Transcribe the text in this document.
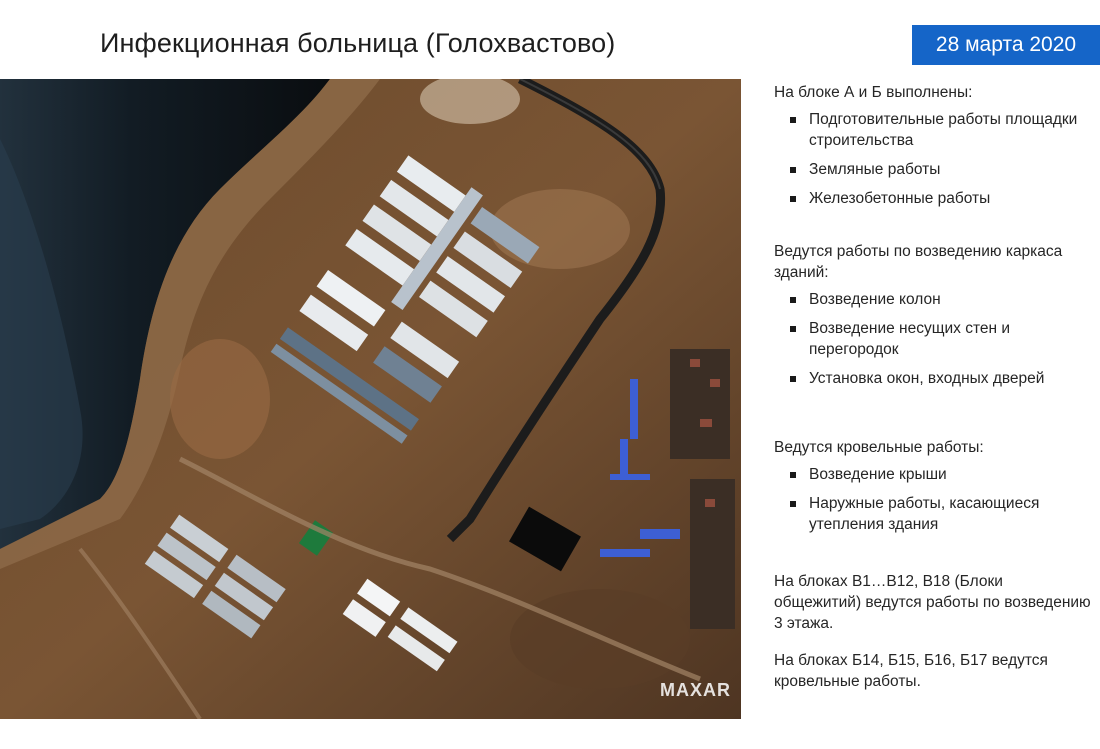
Инфекционная больница (Голохвастово)	28 марта 2020
MAXAR

На блоке А и Б выполнены:

Подготовительные работы площадки строительства
Земляные работы
Железобетонные работы

Ведутся работы по возведению каркаса зданий:

Возведение колон
Возведение несущих стен и перегородок
Установка окон, входных дверей

Ведутся кровельные работы:

Возведение крыши
Наружные работы, касающиеся утепления здания

На блоках В1…В12, В18 (Блоки общежитий) ведутся работы по возведению 3 этажа.

На блоках Б14, Б15, Б16, Б17 ведутся кровельные работы.
